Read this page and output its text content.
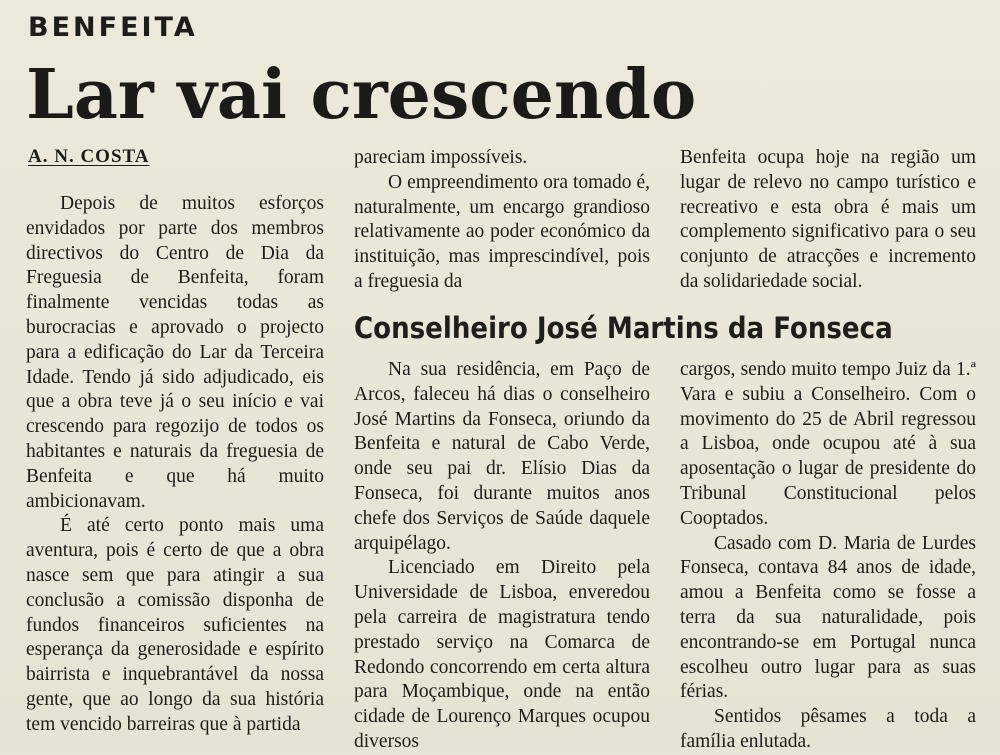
BENFEITA
Lar vai crescendo
A. N. COSTA

Depois de muitos esforços envidados por parte dos membros directivos do Centro de Dia da Freguesia de Benfeita, foram finalmente vencidas todas as burocracias e aprovado o projecto para a edificação do Lar da Terceira Idade. Tendo já sido adjudicado, eis que a obra teve já o seu início e vai crescendo para regozijo de todos os habitantes e naturais da freguesia de Benfeita e que há muito ambicionavam.

É até certo ponto mais uma aventura, pois é certo de que a obra nasce sem que para atingir a sua conclusão a comissão disponha de fundos financeiros suficientes na esperança da generosidade e espírito bairrista e inquebrantável da nossa gente, que ao longo da sua história tem vencido barreiras que à partida

pareciam impossíveis.

O empreendimento ora tomado é, naturalmente, um encargo grandioso relativamente ao poder económico da instituição, mas imprescindível, pois a freguesia da

Benfeita ocupa hoje na região um lugar de relevo no campo turístico e recreativo e esta obra é mais um complemento significativo para o seu conjunto de atracções e incremento da solidariedade social.

Conselheiro José Martins da Fonseca

Na sua residência, em Paço de Arcos, faleceu há dias o conselheiro José Martins da Fonseca, oriundo da Benfeita e natural de Cabo Verde, onde seu pai dr. Elísio Dias da Fonseca, foi durante muitos anos chefe dos Serviços de Saúde daquele arquipélago.

Licenciado em Direito pela Universidade de Lisboa, enveredou pela carreira de magistratura tendo prestado serviço na Comarca de Redondo concorrendo em certa altura para Moçambique, onde na então cidade de Lourenço Marques ocupou diversos

cargos, sendo muito tempo Juiz da 1.ª Vara e subiu a Conselheiro. Com o movimento do 25 de Abril regressou a Lisboa, onde ocupou até à sua aposentação o lugar de presidente do Tribunal Constitucional pelos Cooptados.

Casado com D. Maria de Lurdes Fonseca, contava 84 anos de idade, amou a Benfeita como se fosse a terra da sua naturalidade, pois encontrando-se em Portugal nunca escolheu outro lugar para as suas férias.

Sentidos pêsames a toda a família enlutada.
